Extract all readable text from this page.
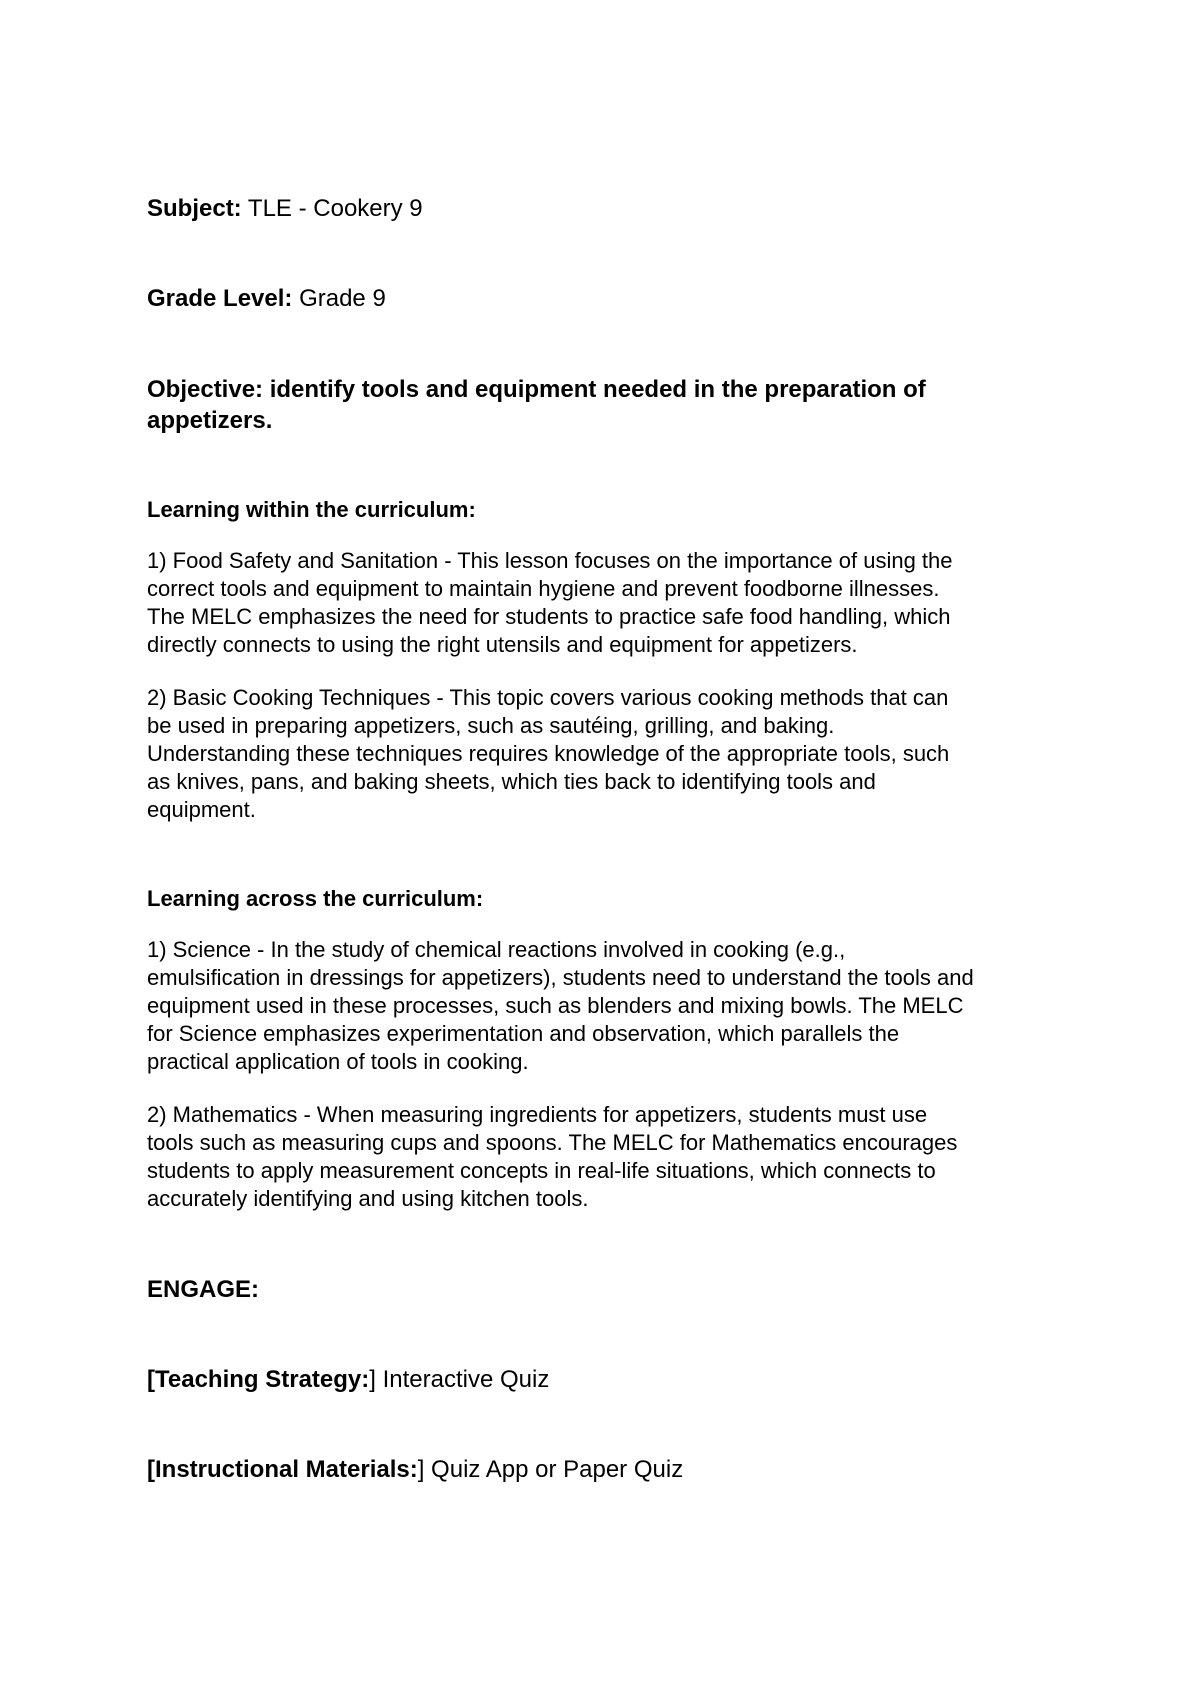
Subject: TLE - Cookery 9

Grade Level: Grade 9

Objective: identify tools and equipment needed in the preparation of
appetizers.

Learning within the curriculum:

1) Food Safety and Sanitation - This lesson focuses on the importance of using the
correct tools and equipment to maintain hygiene and prevent foodborne illnesses.
The MELC emphasizes the need for students to practice safe food handling, which
directly connects to using the right utensils and equipment for appetizers.

2) Basic Cooking Techniques - This topic covers various cooking methods that can
be used in preparing appetizers, such as sautéing, grilling, and baking.
Understanding these techniques requires knowledge of the appropriate tools, such
as knives, pans, and baking sheets, which ties back to identifying tools and
equipment.

Learning across the curriculum:

1) Science - In the study of chemical reactions involved in cooking (e.g.,
emulsification in dressings for appetizers), students need to understand the tools and
equipment used in these processes, such as blenders and mixing bowls. The MELC
for Science emphasizes experimentation and observation, which parallels the
practical application of tools in cooking.

2) Mathematics - When measuring ingredients for appetizers, students must use
tools such as measuring cups and spoons. The MELC for Mathematics encourages
students to apply measurement concepts in real-life situations, which connects to
accurately identifying and using kitchen tools.

ENGAGE:

[Teaching Strategy:] Interactive Quiz

[Instructional Materials:] Quiz App or Paper Quiz
